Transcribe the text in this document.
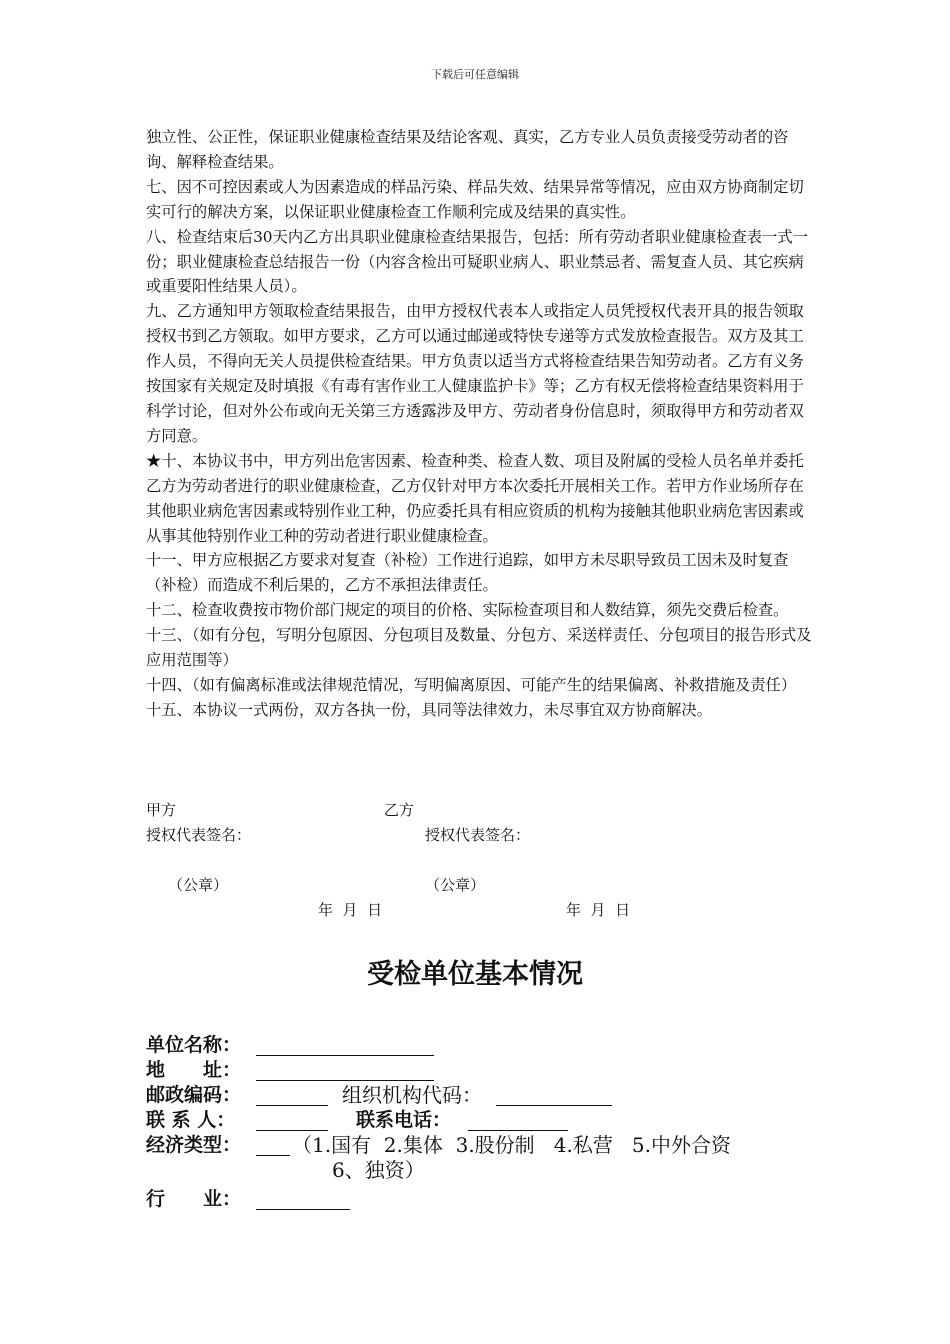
下载后可任意编辑

独立性、公正性，保证职业健康检查结果及结论客观、真实，乙方专业人员负责接受劳动者的咨询、解释检查结果。

七、因不可控因素或人为因素造成的样品污染、样品失效、结果异常等情况，应由双方协商制定切实可行的解决方案，以保证职业健康检查工作顺利完成及结果的真实性。

八、检查结束后30天内乙方出具职业健康检查结果报告，包括：所有劳动者职业健康检查表一式一份；职业健康检查总结报告一份（内容含检出可疑职业病人、职业禁忌者、需复查人员、其它疾病或重要阳性结果人员）。

九、乙方通知甲方领取检查结果报告，由甲方授权代表本人或指定人员凭授权代表开具的报告领取授权书到乙方领取。如甲方要求，乙方可以通过邮递或特快专递等方式发放检查报告。双方及其工作人员，不得向无关人员提供检查结果。甲方负责以适当方式将检查结果告知劳动者。乙方有义务按国家有关规定及时填报《有毒有害作业工人健康监护卡》等；乙方有权无偿将检查结果资料用于科学讨论，但对外公布或向无关第三方透露涉及甲方、劳动者身份信息时，须取得甲方和劳动者双方同意。

★十、本协议书中，甲方列出危害因素、检查种类、检查人数、项目及附属的受检人员名单并委托乙方为劳动者进行的职业健康检查，乙方仅针对甲方本次委托开展相关工作。若甲方作业场所存在其他职业病危害因素或特别作业工种，仍应委托具有相应资质的机构为接触其他职业病危害因素或从事其他特别作业工种的劳动者进行职业健康检查。

十一、甲方应根据乙方要求对复查（补检）工作进行追踪，如甲方未尽职导致员工因未及时复查（补检）而造成不利后果的，乙方不承担法律责任。

十二、检查收费按市物价部门规定的项目的价格、实际检查项目和人数结算，须先交费后检查。

十三、（如有分包，写明分包原因、分包项目及数量、分包方、采送样责任、分包项目的报告形式及应用范围等）

十四、（如有偏离标准或法律规范情况，写明偏离原因、可能产生的结果偏离、补救措施及责任）

十五、本协议一式两份，双方各执一份，具同等法律效力，未尽事宜双方协商解决。

甲方	乙方
授权代表签名：	授权代表签名：
（公章）	（公章）
年  月  日	年  月  日
受检单位基本情况
单位名称：
地　　址：
邮政编码：	组织机构代码：
联 系 人：	联系电话：
经济类型：	（1.国有  2.集体  3.股份制   4.私营   5.中外合资
6、独资）
行　　业：
